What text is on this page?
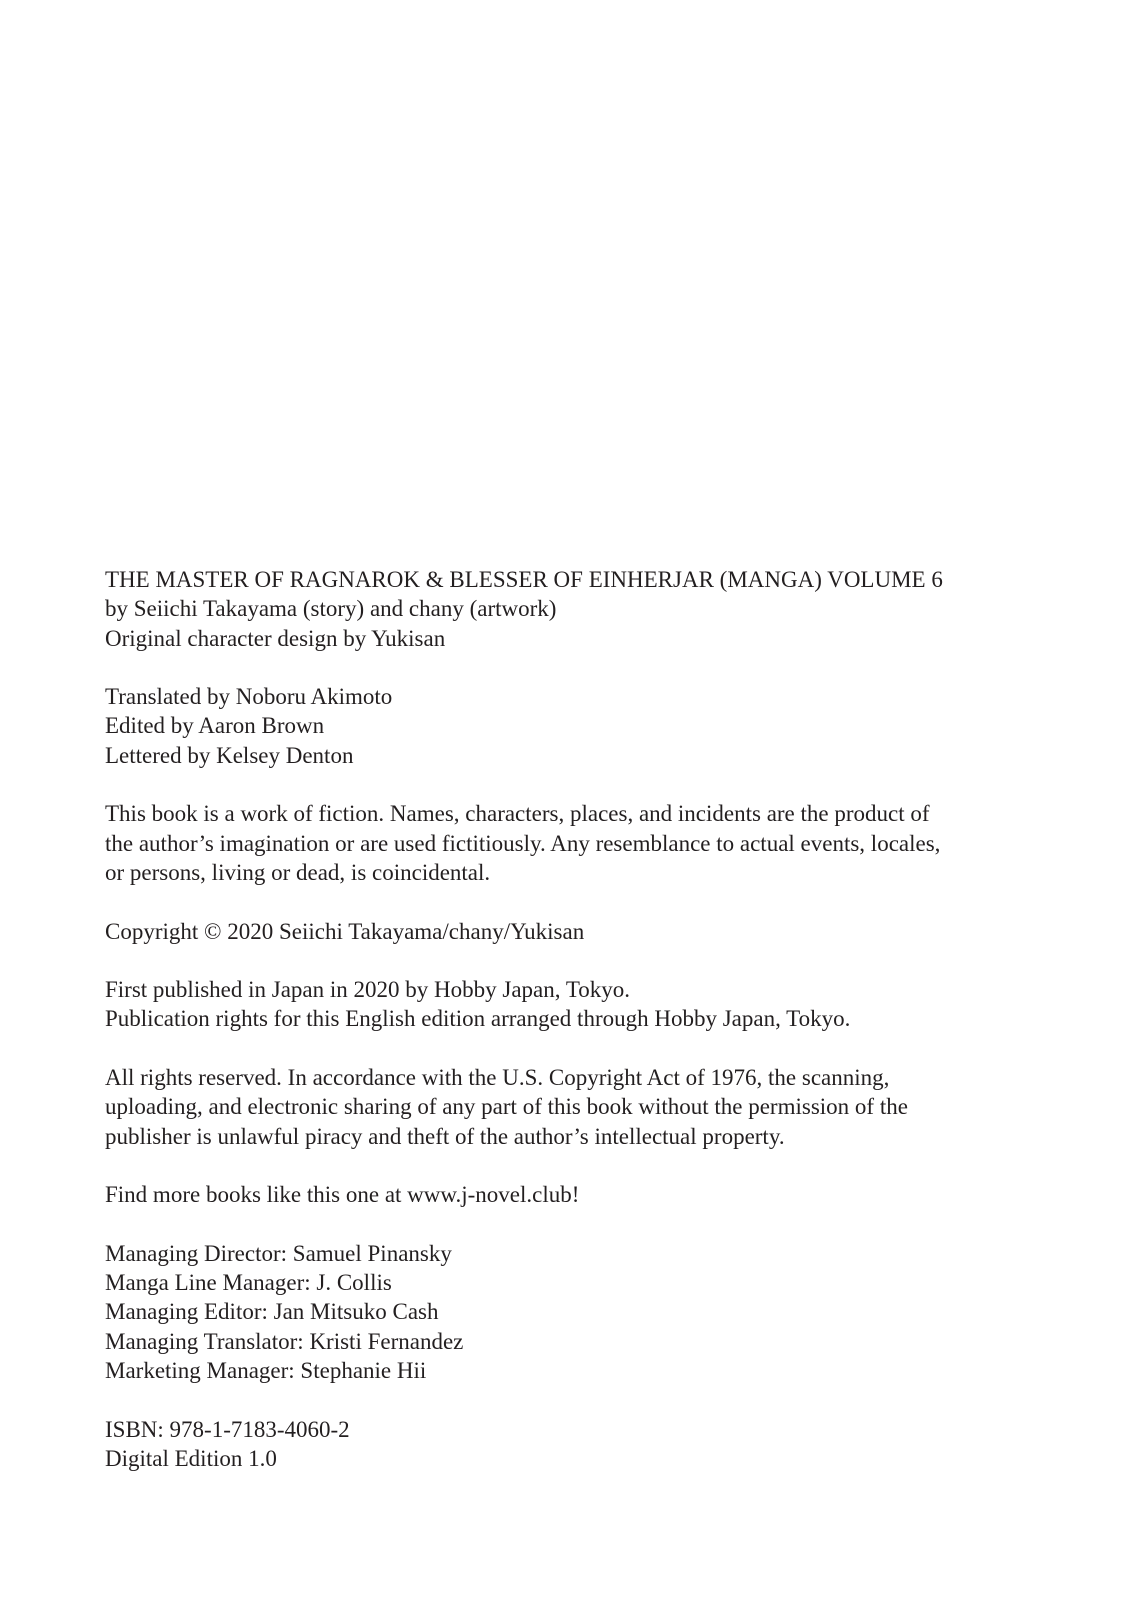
THE MASTER OF RAGNAROK & BLESSER OF EINHERJAR (MANGA) VOLUME 6
by Seiichi Takayama (story) and chany (artwork)
Original character design by Yukisan

Translated by Noboru Akimoto
Edited by Aaron Brown
Lettered by Kelsey Denton

This book is a work of fiction. Names, characters, places, and incidents are the product of
the author’s imagination or are used fictitiously. Any resemblance to actual events, locales,
or persons, living or dead, is coincidental.

Copyright © 2020 Seiichi Takayama/chany/Yukisan

First published in Japan in 2020 by Hobby Japan, Tokyo.
Publication rights for this English edition arranged through Hobby Japan, Tokyo.

All rights reserved. In accordance with the U.S. Copyright Act of 1976, the scanning,
uploading, and electronic sharing of any part of this book without the permission of the
publisher is unlawful piracy and theft of the author’s intellectual property.

Find more books like this one at www.j-novel.club!

Managing Director: Samuel Pinansky
Manga Line Manager: J. Collis
Managing Editor: Jan Mitsuko Cash
Managing Translator: Kristi Fernandez
Marketing Manager: Stephanie Hii

ISBN: 978-1-7183-4060-2
Digital Edition 1.0
